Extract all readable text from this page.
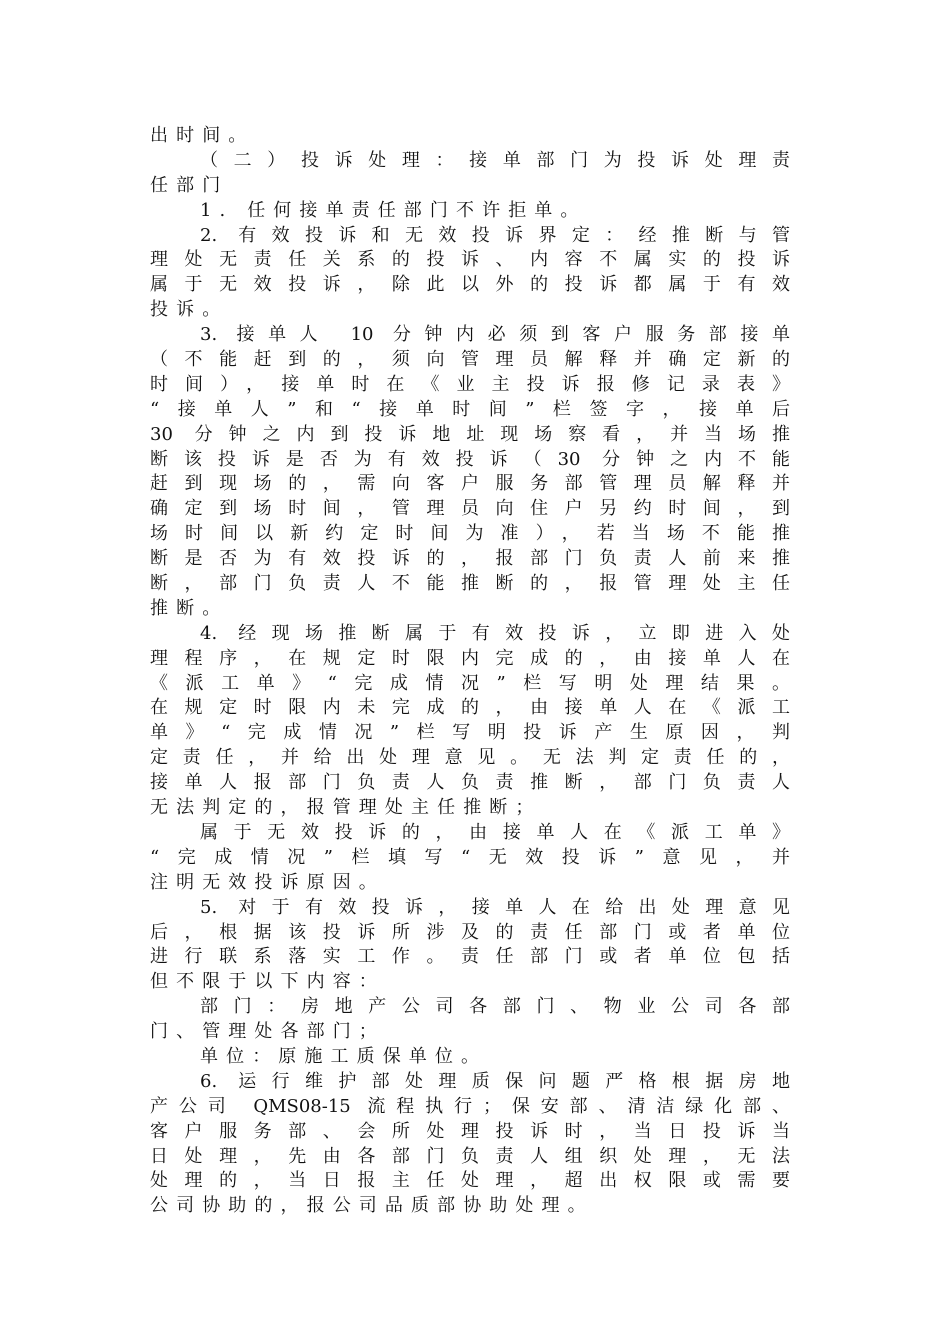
出时间。
（二）投诉处理：接单部门为投诉处理责
任部门
1. 任何接单责任部门不许拒单。
2. 有效投诉和无效投诉界定：经推断与管
理处无责任关系的投诉、内容不属实的投诉
属于无效投诉，除此以外的投诉都属于有效
投诉。
3. 接单人 10 分钟内必须到客户服务部接单
（不能赶到的，须向管理员解释并确定新的
时间），接单时在《业主投诉报修记录表》
“接单人”和“接单时间”栏签字，接单后
30 分钟之内到投诉地址现场察看，并当场推
断该投诉是否为有效投诉（30 分钟之内不能
赶到现场的，需向客户服务部管理员解释并
确定到场时间，管理员向住户另约时间，到
场时间以新约定时间为准），若当场不能推
断是否为有效投诉的，报部门负责人前来推
断，部门负责人不能推断的，报管理处主任
推断。
4. 经现场推断属于有效投诉，立即进入处
理程序，在规定时限内完成的，由接单人在
《派工单》“完成情况”栏写明处理结果。
在规定时限内未完成的，由接单人在《派工
单》“完成情况”栏写明投诉产生原因，判
定责任，并给出处理意见。无法判定责任的，
接单人报部门负责人负责推断，部门负责人
无法判定的，报管理处主任推断；
属于无效投诉的，由接单人在《派工单》
“完成情况”栏填写“无效投诉”意见，并
注明无效投诉原因。
5. 对于有效投诉，接单人在给出处理意见
后，根据该投诉所涉及的责任部门或者单位
进行联系落实工作。责任部门或者单位包括
但不限于以下内容：
部门：房地产公司各部门、物业公司各部
门、管理处各部门；
单位：原施工质保单位。
6. 运行维护部处理质保问题严格根据房地
产公司 QMS08-15 流程执行；保安部、清洁绿化部、
客户服务部、会所处理投诉时，当日投诉当
日处理，先由各部门负责人组织处理，无法
处理的，当日报主任处理，超出权限或需要
公司协助的，报公司品质部协助处理。
